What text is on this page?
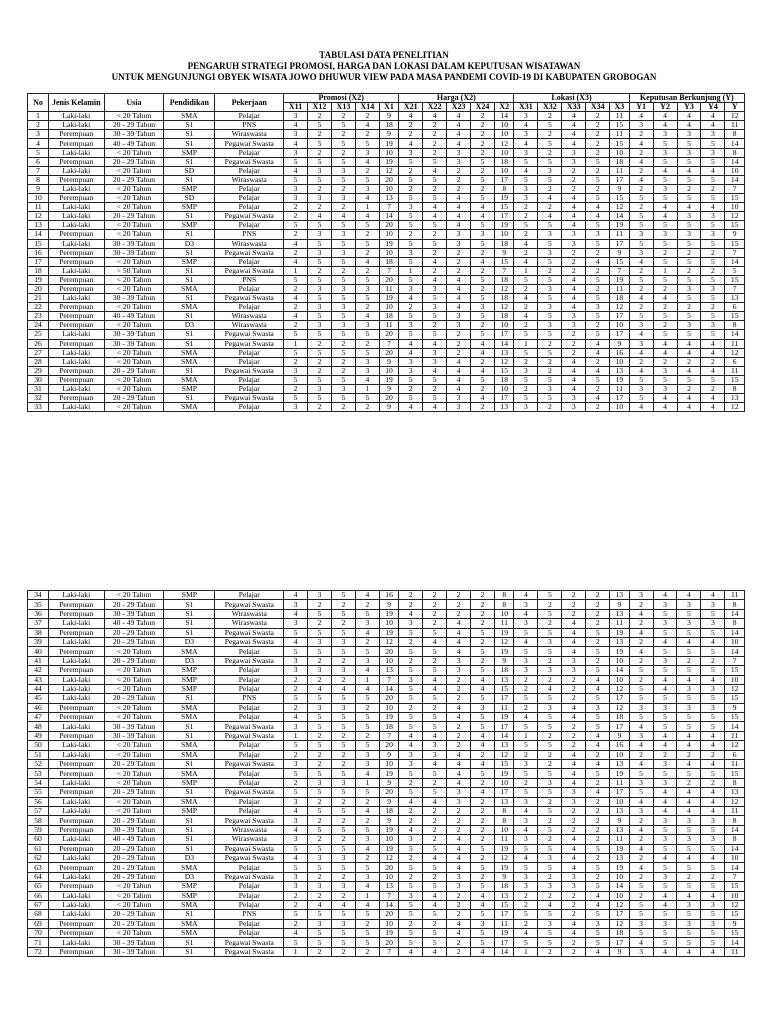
TABULASI DATA PENELITIAN
PENGARUH STRATEGI PROMOSI, HARGA DAN LOKASI DALAM KEPUTUSAN WISATAWAN
UNTUK MENGUNJUNGI OBYEK WISATA JOWO DHUWUR VIEW PADA MASA PANDEMI COVID-19 DI KABUPATEN GROBOGAN
No	Jenis Kelamin	Usia	Pendidikan	Pekerjaan	Promosi (X2)					Harga (X2)					Lokasi (X3)					Keputusan Berkunjung (Y)				
					X11	X12	X13	X14	X1	X21	X22	X23	X24	X2	X31	X32	X33	X34	X3	Y1	Y2	Y3	Y4	Y
1	Laki-laki	< 20 Tahun	SMA	Pelajar	3	2	2	2	9	4	4	4	2	14	3	2	4	2	11	4	4	4	4	12
2	Laki-laki	20 - 29 Tahun	S1	PNS	4	5	5	4	18	2	2	4	2	10	4	5	4	2	15	3	4	4	4	11
3	Perempuan	30 - 39 Tahun	S1	Wiraswasta	3	2	2	2	9	2	2	4	2	10	3	2	4	2	11	2	3	3	3	8
4	Perempuan	40 - 49 Tahun	S1	Pegawai Swasta	4	5	5	5	19	4	2	4	2	12	4	5	4	2	15	4	5	5	5	14
5	Laki-laki	< 20 Tahun	SMP	Pelajar	3	2	2	3	10	3	2	3	2	10	3	2	3	2	10	2	3	3	3	8
6	Perempuan	20 - 29 Tahun	S1	Pegawai Swasta	5	5	5	4	19	5	5	3	5	18	5	5	3	5	18	4	5	5	5	14
7	Laki-laki	< 20 Tahun	SD	Pelajar	4	3	3	2	12	2	4	2	2	10	4	3	2	2	11	2	4	4	4	10
8	Perempuan	20 - 29 Tahun	S1	Wiraswasta	5	5	5	5	20	5	5	2	5	17	5	5	2	5	17	4	5	5	5	14
9	Laki-laki	< 20 Tahun	SMP	Pelajar	3	2	2	3	10	2	2	2	2	8	3	2	2	2	9	2	3	2	2	7
10	Perempuan	< 20 Tahun	SD	Pelajar	3	3	3	4	13	5	5	4	5	19	3	4	4	5	15	5	5	5	5	15
11	Laki-laki	< 20 Tahun	SMP	Pelajar	2	2	2	1	7	3	4	4	4	15	2	2	4	4	12	2	4	4	4	10
12	Laki-laki	20 - 29 Tahun	S1	Pegawai Swasta	2	4	4	4	14	5	4	4	4	17	2	4	4	4	14	5	4	3	3	12
13	Laki-laki	< 20 Tahun	SMP	Pelajar	5	5	5	5	20	5	5	4	5	19	5	5	4	5	19	5	5	5	5	15
14	Perempuan	< 20 Tahun	S1	PNS	2	3	3	2	10	2	2	3	3	10	2	3	3	3	11	3	3	3	3	9
15	Laki-laki	30 - 39 Tahun	D3	Wiraswasta	4	5	5	5	19	5	5	3	5	18	4	5	3	5	17	5	5	5	5	15
16	Perempuan	30 - 39 Tahun	S1	Pegawai Swasta	2	3	3	2	10	3	2	2	2	9	2	3	2	2	9	3	2	2	2	7
17	Perempuan	< 20 Tahun	SMP	Pelajar	4	5	5	4	18	5	4	2	4	15	4	5	2	4	15	4	5	5	5	14
18	Laki-laki	> 50 Tahun	S1	Pegawai Swasta	1	2	2	2	7	1	2	2	2	7	1	2	2	2	7	2	1	2	2	5
19	Perempuan	< 20 Tahun	S1	PNS	5	5	5	5	20	5	4	4	5	18	5	5	4	5	19	5	5	5	5	15
20	Perempuan	< 20 Tahun	SMA	Pelajar	2	3	3	3	11	3	3	4	2	12	2	3	4	2	11	2	2	3	3	7
21	Laki-laki	30 - 39 Tahun	S1	Pegawai Swasta	4	5	5	5	19	4	5	4	5	18	4	5	4	5	18	4	4	5	5	13
22	Perempuan	< 20 Tahun	SMA	Pelajar	2	3	3	2	10	2	3	4	3	12	2	3	4	3	12	2	2	2	2	6
23	Perempuan	40 - 49 Tahun	S1	Wiraswasta	4	5	5	4	18	5	5	3	5	18	4	5	3	5	17	5	5	5	5	15
24	Perempuan	< 20 Tahun	D3	Wiraswasta	2	3	3	3	11	3	2	3	2	10	2	3	3	2	10	3	2	3	3	8
25	Laki-laki	30 - 39 Tahun	S1	Pegawai Swasta	5	5	5	5	20	5	5	2	5	17	5	5	2	5	17	4	5	5	5	14
26	Perempuan	30 - 39 Tahun	S1	Pegawai Swasta	1	2	2	2	7	4	4	2	4	14	1	2	2	4	9	3	4	4	4	11
27	Laki-laki	< 20 Tahun	SMA	Pelajar	5	5	5	5	20	4	3	2	4	13	5	5	2	4	16	4	4	4	4	12
28	Laki-laki	< 20 Tahun	SMA	Pelajar	2	2	2	3	9	3	3	4	2	12	2	2	4	2	10	2	2	2	2	6
29	Perempuan	20 - 29 Tahun	S1	Pegawai Swasta	3	2	2	3	10	3	4	4	4	15	3	2	4	4	13	4	3	4	4	11
30	Perempuan	< 20 Tahun	SMA	Pelajar	5	5	5	4	19	5	5	4	5	18	5	5	4	5	19	5	5	5	5	15
31	Laki-laki	< 20 Tahun	SMP	Pelajar	2	3	3	1	9	2	2	4	2	10	2	3	4	2	11	3	3	2	2	8
32	Perempuan	20 - 29 Tahun	S1	Pegawai Swasta	5	5	5	5	20	5	5	3	4	17	5	5	3	4	17	5	4	4	4	13
33	Laki-laki	< 20 Tahun	SMA	Pelajar	3	2	2	2	9	4	4	3	2	13	3	2	3	2	10	4	4	4	4	12
34	Laki-laki	< 20 Tahun	SMP	Pelajar	4	3	5	4	16	2	2	2	2	8	4	5	2	2	13	3	4	4	4	11
35	Perempuan	20 - 29 Tahun	S1	Pegawai Swasta	3	2	2	2	9	2	2	2	2	8	3	2	2	2	9	2	3	3	3	8
36	Perempuan	30 - 39 Tahun	S1	Wiraswasta	4	5	5	5	19	4	2	2	2	10	4	5	2	2	13	4	5	5	5	14
37	Laki-laki	40 - 49 Tahun	S1	Wiraswasta	3	2	2	3	10	3	2	4	2	11	3	2	4	2	11	2	3	3	3	8
38	Perempuan	20 - 29 Tahun	S1	Pegawai Swasta	5	5	5	4	19	5	5	4	5	19	5	5	4	5	19	4	5	5	5	14
39	Laki-laki	20 - 29 Tahun	D3	Pegawai Swasta	4	3	3	2	12	2	4	4	2	12	4	3	4	2	13	2	4	4	4	10
40	Perempuan	< 20 Tahun	SMA	Pelajar	5	5	5	5	20	5	5	4	5	19	5	5	4	5	19	4	5	5	5	14
41	Laki-laki	20 - 29 Tahun	D3	Pegawai Swasta	3	2	2	3	10	2	2	3	2	9	3	2	3	2	10	2	3	2	2	7
42	Perempuan	< 20 Tahun	SMP	Pelajar	3	3	3	4	13	5	5	3	5	18	3	3	3	5	14	5	5	5	5	15
43	Laki-laki	< 20 Tahun	SMP	Pelajar	2	2	2	1	7	3	4	2	4	13	2	2	2	4	10	2	4	4	4	10
44	Laki-laki	< 20 Tahun	SMP	Pelajar	2	4	4	4	14	5	4	2	4	15	2	4	2	4	12	5	4	3	3	12
45	Laki-laki	20 - 29 Tahun	S1	PNS	5	5	5	5	20	5	5	2	5	17	5	5	2	5	17	5	5	5	5	15
46	Perempuan	< 20 Tahun	SMA	Pelajar	2	3	3	2	10	2	2	4	3	11	2	3	4	3	12	3	3	3	3	9
47	Perempuan	< 20 Tahun	SMA	Pelajar	4	5	5	5	19	5	5	4	5	19	4	5	4	5	18	5	5	5	5	15
48	Laki-laki	30 - 39 Tahun	S1	Pegawai Swasta	3	5	5	5	18	5	5	2	5	17	5	5	2	5	17	4	5	5	5	14
49	Perempuan	30 - 39 Tahun	S1	Pegawai Swasta	1	2	2	2	7	4	4	2	4	14	1	2	2	4	9	3	4	4	4	11
50	Laki-laki	< 20 Tahun	SMA	Pelajar	5	5	5	5	20	4	3	2	4	13	5	5	2	4	16	4	4	4	4	12
51	Laki-laki	< 20 Tahun	SMA	Pelajar	2	2	2	3	9	3	3	4	2	12	2	2	4	2	10	2	2	2	2	6
52	Perempuan	20 - 29 Tahun	S1	Pegawai Swasta	3	2	2	3	10	3	4	4	4	15	3	2	4	4	13	4	3	4	4	11
53	Perempuan	< 20 Tahun	SMA	Pelajar	5	5	5	4	19	5	5	4	5	19	5	5	4	5	19	5	5	5	5	15
54	Laki-laki	< 20 Tahun	SMP	Pelajar	2	3	3	1	9	2	2	4	2	10	2	3	4	2	11	3	3	2	2	8
55	Perempuan	20 - 29 Tahun	S1	Pegawai Swasta	5	5	5	5	20	5	5	3	4	17	5	5	3	4	17	5	4	4	4	13
56	Laki-laki	< 20 Tahun	SMA	Pelajar	3	2	2	2	9	4	4	3	2	13	3	2	3	2	10	4	4	4	4	12
57	Laki-laki	< 20 Tahun	SMP	Pelajar	4	5	5	4	18	2	2	2	2	8	4	5	2	2	13	3	4	4	4	11
58	Perempuan	20 - 29 Tahun	S1	Pegawai Swasta	3	2	2	2	9	2	2	2	2	8	3	2	2	2	9	2	3	3	3	8
59	Perempuan	30 - 39 Tahun	S1	Wiraswasta	4	5	5	5	19	4	2	2	2	10	4	5	2	2	13	4	5	5	5	14
60	Laki-laki	40 - 49 Tahun	S1	Wiraswasta	3	2	2	3	10	3	2	4	2	11	3	2	4	2	11	2	3	3	3	8
61	Perempuan	20 - 29 Tahun	S1	Pegawai Swasta	5	5	5	4	19	5	5	4	5	19	5	5	4	5	19	4	5	5	5	14
62	Laki-laki	20 - 29 Tahun	D3	Pegawai Swasta	4	3	3	2	12	2	4	4	2	12	4	3	4	2	13	2	4	4	4	10
63	Perempuan	20 - 29 Tahun	SMA	Pelajar	5	5	5	5	20	5	5	4	5	19	5	5	4	5	19	4	5	5	5	14
64	Laki-laki	20 - 29 Tahun	D3	Pegawai Swasta	3	2	2	3	10	2	2	3	2	9	3	2	3	2	10	2	3	2	2	7
65	Perempuan	< 20 Tahun	SMP	Pelajar	3	3	3	4	13	5	5	3	5	18	3	3	3	5	14	5	5	5	5	15
66	Laki-laki	< 20 Tahun	SMP	Pelajar	2	2	2	1	7	3	4	2	4	13	2	2	2	4	10	2	4	4	4	10
67	Laki-laki	< 20 Tahun	SMA	Pelajar	2	4	4	4	14	5	4	2	4	15	2	4	2	4	12	5	4	3	3	12
68	Laki-laki	20 - 29 Tahun	S1	PNS	5	5	5	5	20	5	5	2	5	17	5	5	2	5	17	5	5	5	5	15
69	Perempuan	20 - 29 Tahun	SMA	Pelajar	2	3	3	2	10	2	2	4	3	11	2	3	4	3	12	3	3	3	3	9
70	Perempuan	< 20 Tahun	SMA	Pelajar	4	5	5	5	19	5	5	4	5	19	4	5	4	5	18	5	5	5	5	15
71	Laki-laki	30 - 39 Tahun	S1	Pegawai Swasta	5	5	5	5	20	5	5	2	5	17	5	5	2	5	17	4	5	5	5	14
72	Perempuan	30 - 39 Tahun	S1	Pegawai Swasta	1	2	2	2	7	4	4	2	4	14	1	2	2	4	9	3	4	4	4	11
